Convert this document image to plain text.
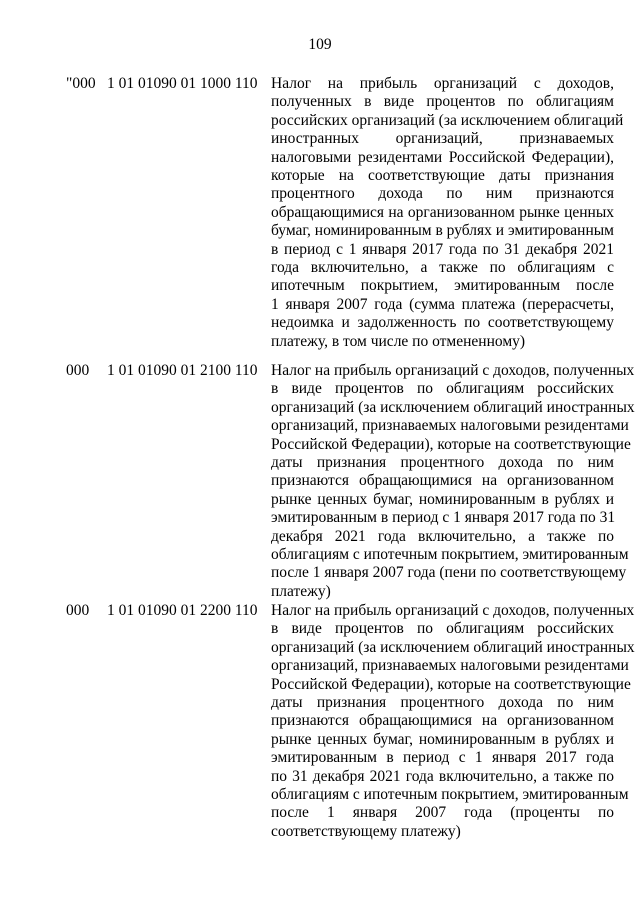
109
"000 1 01 01090 01 1000 110 Налог на прибыль организаций с доходов,
полученных в виде процентов по облигациям
российских организаций (за исключением облигаций
иностранных организаций, признаваемых
налоговыми резидентами Российской Федерации),
которые на соответствующие даты признания
процентного дохода по ним признаются
обращающимися на организованном рынке ценных
бумаг, номинированным в рублях и эмитированным
в период с 1 января 2017 года по 31 декабря 2021
года включительно, а также по облигациям с
ипотечным покрытием, эмитированным после
1 января 2007 года (сумма платежа (перерасчеты,
недоимка и задолженность по соответствующему
платежу, в том числе по отмененному)
000 1 01 01090 01 2100 110 Налог на прибыль организаций с доходов, полученных
в виде процентов по облигациям российских
организаций (за исключением облигаций иностранных
организаций, признаваемых налоговыми резидентами
Российской Федерации), которые на соответствующие
даты признания процентного дохода по ним
признаются обращающимися на организованном
рынке ценных бумаг, номинированным в рублях и
эмитированным в период с 1 января 2017 года по 31
декабря 2021 года включительно, а также по
облигациям с ипотечным покрытием, эмитированным
после 1 января 2007 года (пени по соответствующему
платежу)
000 1 01 01090 01 2200 110 Налог на прибыль организаций с доходов, полученных
в виде процентов по облигациям российских
организаций (за исключением облигаций иностранных
организаций, признаваемых налоговыми резидентами
Российской Федерации), которые на соответствующие
даты признания процентного дохода по ним
признаются обращающимися на организованном
рынке ценных бумаг, номинированным в рублях и
эмитированным в период с 1 января 2017 года
по 31 декабря 2021 года включительно, а также по
облигациям с ипотечным покрытием, эмитированным
после 1 января 2007 года (проценты по
соответствующему платежу)
